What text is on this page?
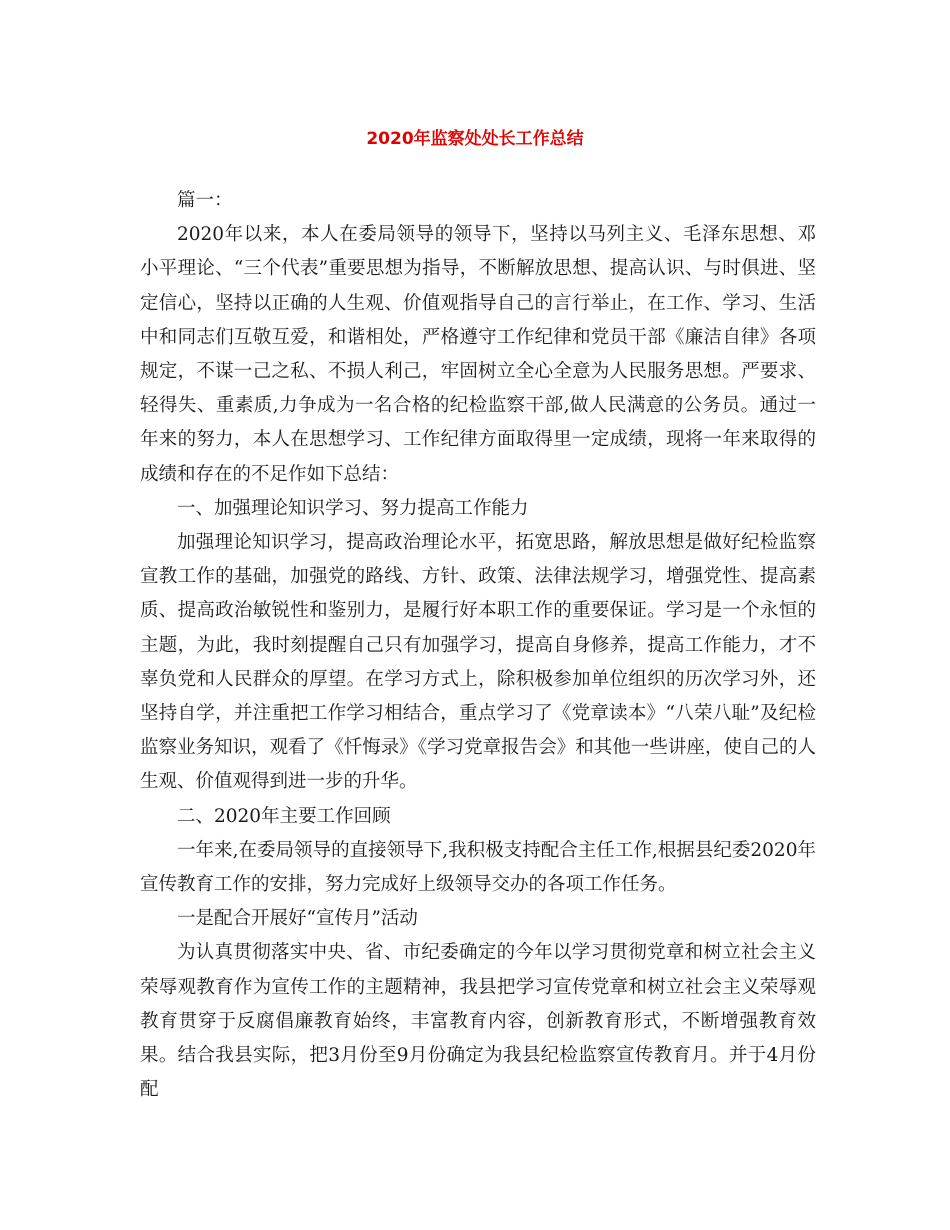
2020年监察处处长工作总结

篇一：

2020年以来，本人在委局领导的领导下，坚持以马列主义、毛泽东思想、邓小平理论、“三个代表”重要思想为指导，不断解放思想、提高认识、与时俱进、坚定信心，坚持以正确的人生观、价值观指导自己的言行举止，在工作、学习、生活中和同志们互敬互爱，和谐相处，严格遵守工作纪律和党员干部《廉洁自律》各项规定，不谋一己之私、不损人利己，牢固树立全心全意为人民服务思想。严要求、轻得失、重素质,力争成为一名合格的纪检监察干部,做人民满意的公务员。通过一年来的努力，本人在思想学习、工作纪律方面取得里一定成绩，现将一年来取得的成绩和存在的不足作如下总结：

一、加强理论知识学习、努力提高工作能力

加强理论知识学习，提高政治理论水平，拓宽思路，解放思想是做好纪检监察宣教工作的基础，加强党的路线、方针、政策、法律法规学习，增强党性、提高素质、提高政治敏锐性和鉴别力，是履行好本职工作的重要保证。学习是一个永恒的主题，为此，我时刻提醒自己只有加强学习，提高自身修养，提高工作能力，才不辜负党和人民群众的厚望。在学习方式上，除积极参加单位组织的历次学习外，还坚持自学，并注重把工作学习相结合，重点学习了《党章读本》“八荣八耻”及纪检监察业务知识，观看了《忏悔录》《学习党章报告会》和其他一些讲座，使自己的人生观、价值观得到进一步的升华。

二、2020年主要工作回顾

一年来,在委局领导的直接领导下,我积极支持配合主任工作,根据县纪委2020年宣传教育工作的安排，努力完成好上级领导交办的各项工作任务。

一是配合开展好“宣传月”活动

为认真贯彻落实中央、省、市纪委确定的今年以学习贯彻党章和树立社会主义荣辱观教育作为宣传工作的主题精神，我县把学习宣传党章和树立社会主义荣辱观教育贯穿于反腐倡廉教育始终，丰富教育内容，创新教育形式，不断增强教育效果。结合我县实际，把3月份至9月份确定为我县纪检监察宣传教育月。并于4月份配
